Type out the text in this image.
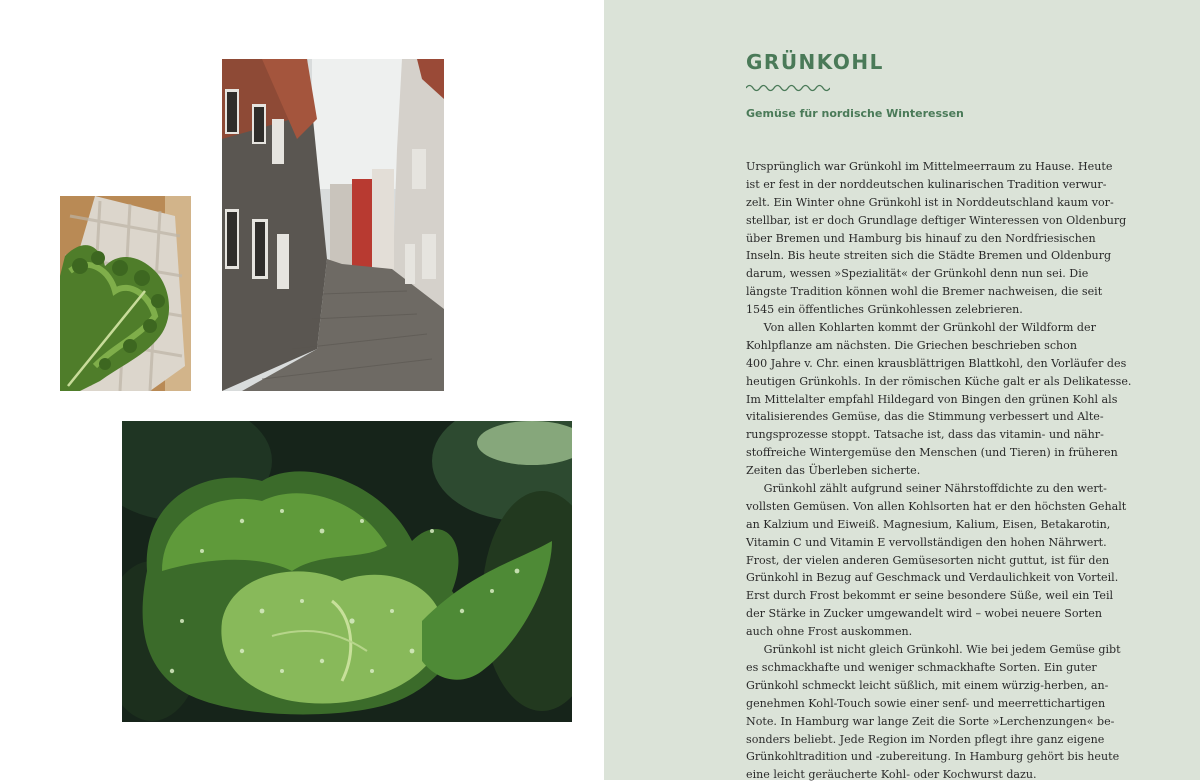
GRÜNKOHL

Gemüse für nordische Winteressen

Ursprünglich war Grünkohl im Mittelmeerraum zu Hause. Heute
ist er fest in der norddeutschen kulinarischen Tradition verwur-
zelt. Ein Winter ohne Grünkohl ist in Norddeutschland kaum vor-
stellbar, ist er doch Grundlage deftiger Winteressen von Oldenburg
über Bremen und Hamburg bis hinauf zu den Nordfriesischen
Inseln. Bis heute streiten sich die Städte Bremen und Oldenburg
darum, wessen »Spezialität« der Grünkohl denn nun sei. Die
längste Tradition können wohl die Bremer nachweisen, die seit
1545 ein öffentliches Grünkohlessen zelebrieren.
Von allen Kohlarten kommt der Grünkohl der Wildform der
Kohlpflanze am nächsten. Die Griechen beschrieben schon
400 Jahre v. Chr. einen krausblättrigen Blattkohl, den Vorläufer des
heutigen Grünkohls. In der römischen Küche galt er als Delikatesse.
Im Mittelalter empfahl Hildegard von Bingen den grünen Kohl als
vitalisierendes Gemüse, das die Stimmung verbessert und Alte-
rungsprozesse stoppt. Tatsache ist, dass das vitamin- und nähr-
stoffreiche Wintergemüse den Menschen (und Tieren) in früheren
Zeiten das Überleben sicherte.
Grünkohl zählt aufgrund seiner Nährstoffdichte zu den wert-
vollsten Gemüsen. Von allen Kohlsorten hat er den höchsten Gehalt
an Kalzium und Eiweiß. Magnesium, Kalium, Eisen, Betakarotin,
Vitamin C und Vitamin E vervollständigen den hohen Nährwert.
Frost, der vielen anderen Gemüsesorten nicht guttut, ist für den
Grünkohl in Bezug auf Geschmack und Verdaulichkeit von Vorteil.
Erst durch Frost bekommt er seine besondere Süße, weil ein Teil
der Stärke in Zucker umgewandelt wird – wobei neuere Sorten
auch ohne Frost auskommen.
Grünkohl ist nicht gleich Grünkohl. Wie bei jedem Gemüse gibt
es schmackhafte und weniger schmackhafte Sorten. Ein guter
Grünkohl schmeckt leicht süßlich, mit einem würzig-herben, an-
genehmen Kohl-Touch sowie einer senf- und meerrettichartigen
Note. In Hamburg war lange Zeit die Sorte »Lerchenzungen« be-
sonders beliebt. Jede Region im Norden pflegt ihre ganz eigene
Grünkohltradition und -zubereitung. In Hamburg gehört bis heute
eine leicht geräucherte Kohl- oder Kochwurst dazu.
